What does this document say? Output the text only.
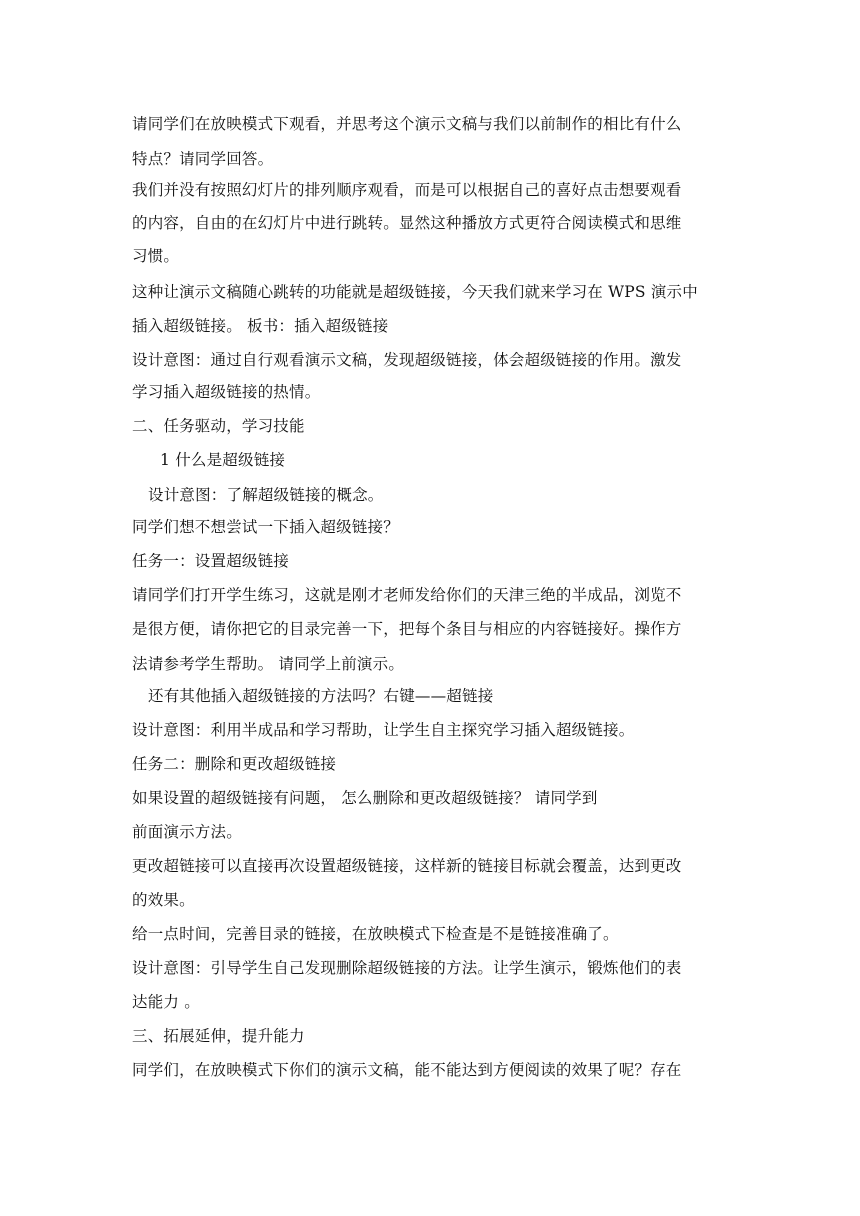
请同学们在放映模式下观看，并思考这个演示文稿与我们以前制作的相比有什么
特点？请同学回答。
我们并没有按照幻灯片的排列顺序观看，而是可以根据自己的喜好点击想要观看
的内容，自由的在幻灯片中进行跳转。显然这种播放方式更符合阅读模式和思维
习惯。
这种让演示文稿随心跳转的功能就是超级链接，今天我们就来学习在 WPS 演示中
插入超级链接。 板书：插入超级链接
设计意图：通过自行观看演示文稿，发现超级链接，体会超级链接的作用。激发
学习插入超级链接的热情。
二、任务驱动，学习技能
1 什么是超级链接
设计意图：了解超级链接的概念。
同学们想不想尝试一下插入超级链接？
任务一：设置超级链接
请同学们打开学生练习，这就是刚才老师发给你们的天津三绝的半成品，浏览不
是很方便，请你把它的目录完善一下，把每个条目与相应的内容链接好。操作方
法请参考学生帮助。 请同学上前演示。
还有其他插入超级链接的方法吗？右键——超链接
设计意图：利用半成品和学习帮助，让学生自主探究学习插入超级链接。
任务二：删除和更改超级链接
如果设置的超级链接有问题， 怎么删除和更改超级链接？ 请同学到
前面演示方法。
更改超链接可以直接再次设置超级链接，这样新的链接目标就会覆盖，达到更改
的效果。
给一点时间，完善目录的链接，在放映模式下检查是不是链接准确了。
设计意图：引导学生自己发现删除超级链接的方法。让学生演示，锻炼他们的表
达能力 。
三、拓展延伸，提升能力
同学们，在放映模式下你们的演示文稿，能不能达到方便阅读的效果了呢？存在
